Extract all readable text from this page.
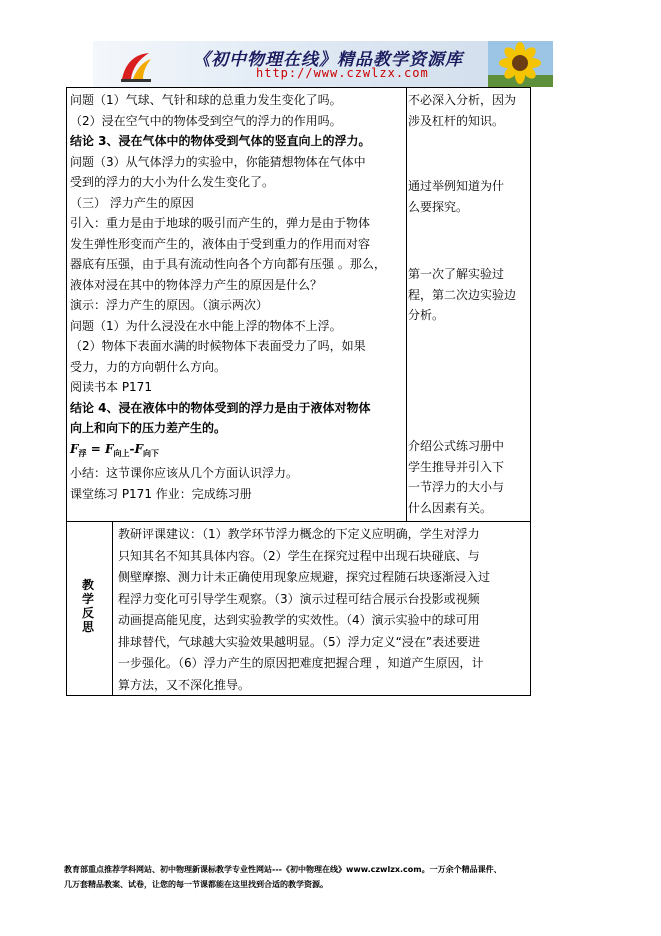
《初中物理在线》精品教学资源库
http://www.czwlzx.com

问题（1）气球、气针和球的总重力发生变化了吗。

（2）浸在空气中的物体受到空气的浮力的作用吗。

结论 3、浸在气体中的物体受到气体的竖直向上的浮力。

问题（3）从气体浮力的实验中，你能猜想物体在气体中

受到的浮力的大小为什么发生变化了。

（三） 浮力产生的原因

引入：重力是由于地球的吸引而产生的，弹力是由于物体

发生弹性形变而产生的，液体由于受到重力的作用而对容

器底有压强，由于具有流动性向各个方向都有压强 。那么，

液体对浸在其中的物体浮力产生的原因是什么？

演示：浮力产生的原因。（演示两次）

问题（1）为什么浸没在水中能上浮的物体不上浮。

（2）物体下表面水满的时候物体下表面受力了吗，如果

受力，力的方向朝什么方向。

阅读书本 P171

结论 4、浸在液体中的物体受到的浮力是由于液体对物体

向上和向下的压力差产生的。

$F_浮 = F_{向上}-F_{向下}$

小结：这节课你应该从几个方面认识浮力。

课堂练习 P171 作业：完成练习册

不必深入分析，因为

涉及杠杆的知识。

通过举例知道为什

么要探究。

第一次了解实验过

程，第二次边实验边

分析。

介绍公式练习册中

学生推导并引入下

一节浮力的大小与

什么因素有关。

教
学
反
思

教研评课建议：（1）教学环节浮力概念的下定义应明确，学生对浮力

只知其名不知其具体内容。（2）学生在探究过程中出现石块碰底、与

侧壁摩擦、测力计未正确使用现象应规避，探究过程随石块逐渐浸入过

程浮力变化可引导学生观察。（3）演示过程可结合展示台投影或视频

动画提高能见度，达到实验教学的实效性。（4）演示实验中的球可用

排球替代，气球越大实验效果越明显。（5）浮力定义“浸在”表述要进

一步强化。（6）浮力产生的原因把难度把握合理 ，知道产生原因，计

算方法，又不深化推导。

教育部重点推荐学科网站、初中物理新课标教学专业性网站---《初中物理在线》www.czwlzx.com。一万余个精品课件、

几万套精品教案、试卷，让您的每一节课都能在这里找到合适的教学资源。
